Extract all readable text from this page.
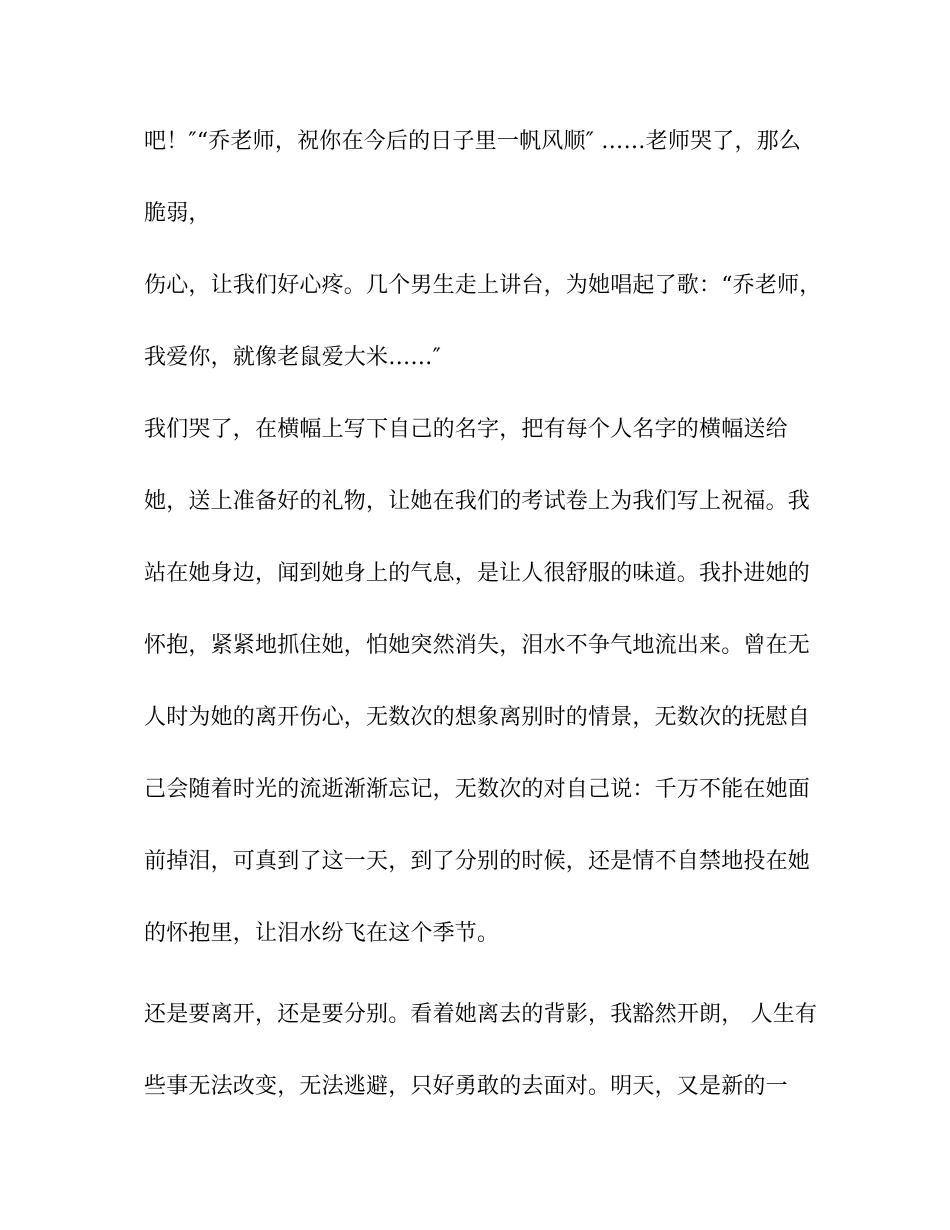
吧！″“乔老师，祝你在今后的日子里一帆风顺″ ……老师哭了，那么
脆弱，
伤心，让我们好心疼。几个男生走上讲台，为她唱起了歌：“乔老师，
我爱你，就像老鼠爱大米……″
我们哭了，在横幅上写下自己的名字，把有每个人名字的横幅送给
她，送上准备好的礼物，让她在我们的考试卷上为我们写上祝福。我
站在她身边，闻到她身上的气息，是让人很舒服的味道。我扑进她的
怀抱，紧紧地抓住她，怕她突然消失，泪水不争气地流出来。曾在无
人时为她的离开伤心，无数次的想象离别时的情景，无数次的抚慰自
己会随着时光的流逝渐渐忘记，无数次的对自己说：千万不能在她面
前掉泪，可真到了这一天，到了分别的时候，还是情不自禁地投在她
的怀抱里，让泪水纷飞在这个季节。
还是要离开，还是要分别。看着她离去的背影，我豁然开朗， 人生有
些事无法改变，无法逃避，只好勇敢的去面对。明天，又是新的一
